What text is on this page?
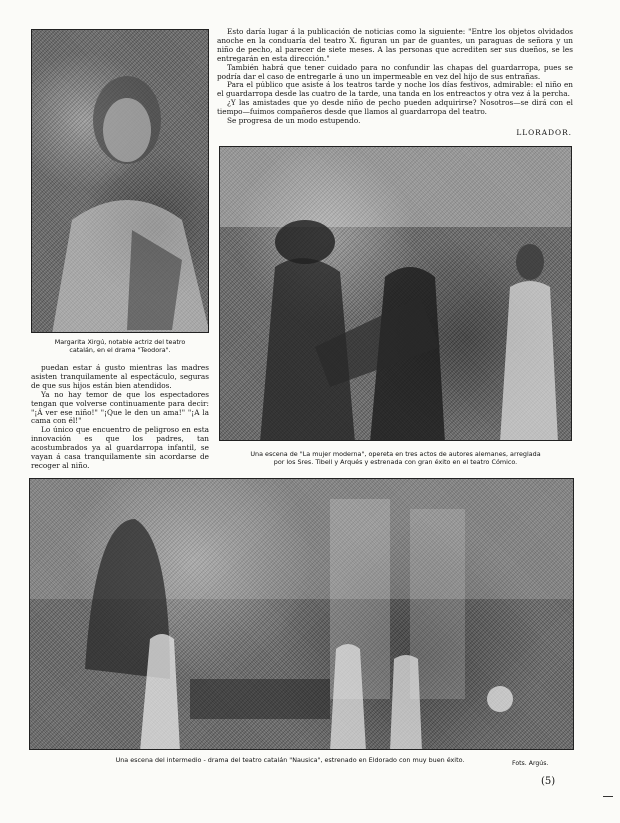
Margarita Xirgú, notable actriz del teatro
catalán, en el drama "Teodora".

puedan estar á gusto mientras las madres asisten tranquilamente al espectáculo, seguras de que sus hijos están bien atendidos.

Ya no hay temor de que los espectadores tengan que volverse continuamente para decir: "¡Á ver ese niño!" "¡Que le den un ama!" "¡A la cama con él!"

Lo único que encuentro de peligroso en esta innovación es que los padres, tan acostumbrados ya al guardarropa infantil, se vayan á casa tranquilamente sin acordarse de recoger al niño.

Esto daría lugar á la publicación de noticias como la siguiente: "Entre los objetos olvidados anoche en la conduaría del teatro X. figuran un par de guantes, un paraguas de señora y un niño de pecho, al parecer de siete meses. A las personas que acrediten ser sus dueños, se les entregarán en esta dirección."

También habrá que tener cuidado para no confundir las chapas del guardarropa, pues se podría dar el caso de entregarle á uno un impermeable en vez del hijo de sus entrañas.

Para el público que asiste á los teatros tarde y noche los días festivos, admirable: el niño en el guardarropa desde las cuatro de la tarde, una tanda en los entreactos y otra vez á la percha.

¿Y las amistades que yo desde niño de pecho pueden adquirirse? Nosotros—se dirá con el tiempo—fuimos compañeros desde que llamos al guardarropa del teatro.

Se progresa de un modo estupendo.

LLORADOR.
Una escena de "La mujer moderna", opereta en tres actos de autores alemanes, arreglada
por los Sres. Tibell y Arqués y estrenada con gran éxito en el teatro Cómico.
Una escena del intermedio - drama del teatro catalán "Nausica", estrenado en Eldorado con muy buen éxito.	Fots. Argús.
(5)
